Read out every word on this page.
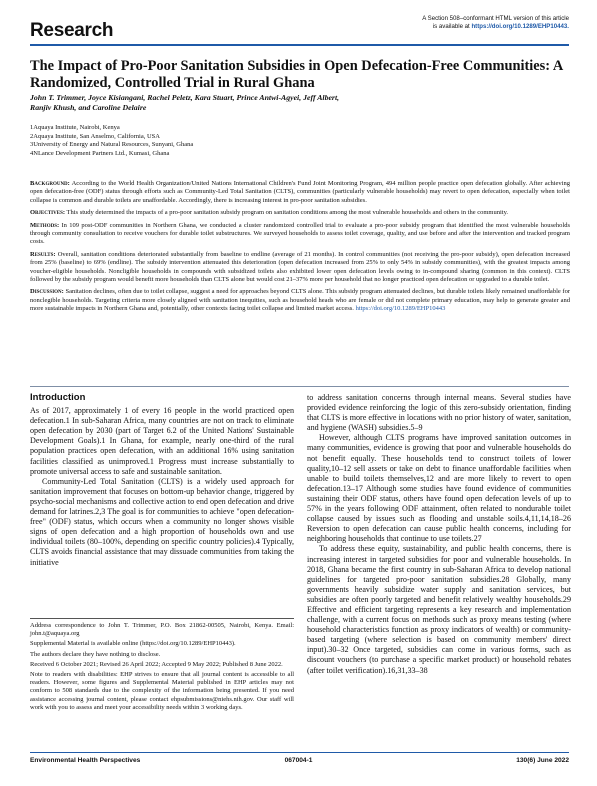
Research
A Section 508–conformant HTML version of this article
is available at https://doi.org/10.1289/EHP10443.
The Impact of Pro-Poor Sanitation Subsidies in Open Defecation-Free Communities: A Randomized, Controlled Trial in Rural Ghana
John T. Trimmer, Joyce Kisiangani, Rachel Peletz, Kara Stuart, Prince Antwi-Agyei, Jeff Albert,
Ranjiv Khush, and Caroline Delaire
1Aquaya Institute, Nairobi, Kenya
2Aquaya Institute, San Anselmo, California, USA
3University of Energy and Natural Resources, Sunyani, Ghana
4NLance Development Partners Ltd., Kumasi, Ghana

Background: According to the World Health Organization/United Nations International Children's Fund Joint Monitoring Program, 494 million people practice open defecation globally. After achieving open defecation-free (ODF) status through efforts such as Community-Led Total Sanitation (CLTS), communities (particularly vulnerable households) may revert to open defecation, especially when toilet collapse is common and durable toilets are unaffordable. Accordingly, there is increasing interest in pro-poor sanitation subsidies.

Objectives: This study determined the impacts of a pro-poor sanitation subsidy program on sanitation conditions among the most vulnerable households and others in the community.

Methods: In 109 post-ODF communities in Northern Ghana, we conducted a cluster randomized controlled trial to evaluate a pro-poor subsidy program that identified the most vulnerable households through community consultation to receive vouchers for durable toilet substructures. We surveyed households to assess toilet coverage, quality, and use before and after the intervention and tracked program costs.

Results: Overall, sanitation conditions deteriorated substantially from baseline to endline (average of 21 months). In control communities (not receiving the pro-poor subsidy), open defecation increased from 25% (baseline) to 69% (endline). The subsidy intervention attenuated this deterioration (open defecation increased from 25% to only 54% in subsidy communities), with the greatest impacts among voucher-eligible households. Noncligible households in compounds with subsidized toilets also exhibited lower open defecation levels owing to in-compound sharing (common in this context). CLTS followed by the subsidy program would benefit more households than CLTS alone but would cost 21–37% more per household that no longer practiced open defecation or upgraded to a durable toilet.

Discussion: Sanitation declines, often due to toilet collapse, suggest a need for approaches beyond CLTS alone. This subsidy program attenuated declines, but durable toilets likely remained unaffordable for nonclegible households. Targeting criteria more closely aligned with sanitation inequities, such as household heads who are female or did not complete primary education, may help to generate greater and more sustainable impacts in Northern Ghana and, potentially, other contexts facing toilet collapse and limited market access. https://doi.org/10.1289/EHP10443

Introduction

As of 2017, approximately 1 of every 16 people in the world practiced open defecation.1 In sub-Saharan Africa, many countries are not on track to eliminate open defecation by 2030 (part of Target 6.2 of the United Nations' Sustainable Development Goals).1 In Ghana, for example, nearly one-third of the rural population practices open defecation, with an additional 16% using sanitation facilities classified as unimproved.1 Progress must increase substantially to promote universal access to safe and sustainable sanitation.

Community-Led Total Sanitation (CLTS) is a widely used approach for sanitation improvement that focuses on bottom-up behavior change, triggered by psycho-social mechanisms and collective action to end open defecation and drive demand for latrines.2,3 The goal is for communities to achieve "open defecation-free" (ODF) status, which occurs when a community no longer shows visible signs of open defecation and a high proportion of households own and use individual toilets (80–100%, depending on specific country policies).4 Typically, CLTS avoids financial assistance that may dissuade communities from taking the initiative

Address correspondence to John T. Trimmer, P.O. Box 21862-00505, Nairobi, Kenya. Email: john.t@aquaya.org

Supplemental Material is available online (https://doi.org/10.1289/EHP10443).

The authors declare they have nothing to disclose.

Received 6 October 2021; Revised 26 April 2022; Accepted 9 May 2022; Published 8 June 2022.

Note to readers with disabilities: EHP strives to ensure that all journal content is accessible to all readers. However, some figures and Supplemental Material published in EHP articles may not conform to 508 standards due to the complexity of the information being presented. If you need assistance accessing journal content, please contact ehpsubmissions@niehs.nih.gov. Our staff will work with you to assess and meet your accessibility needs within 3 working days.

to address sanitation concerns through internal means. Several studies have provided evidence reinforcing the logic of this zero-subsidy orientation, finding that CLTS is more effective in locations with no prior history of water, sanitation, and hygiene (WASH) subsidies.5–9

However, although CLTS programs have improved sanitation outcomes in many communities, evidence is growing that poor and vulnerable households do not benefit equally. These households tend to construct toilets of lower quality,10–12 sell assets or take on debt to finance unaffordable facilities when unable to build toilets themselves,12 and are more likely to revert to open defecation.13–17 Although some studies have found evidence of communities sustaining their ODF status, others have found open defecation levels of up to 57% in the years following ODF attainment, often related to nondurable toilet collapse caused by issues such as flooding and unstable soils.4,11,14,18–26 Reversion to open defecation can cause public health concerns, including for neighboring households that continue to use toilets.27

To address these equity, sustainability, and public health concerns, there is increasing interest in targeted subsidies for poor and vulnerable households. In 2018, Ghana became the first country in sub-Saharan Africa to develop national guidelines for targeted pro-poor sanitation subsidies.28 Globally, many governments heavily subsidize water supply and sanitation services, but subsidies are often poorly targeted and benefit relatively wealthy households.29 Effective and efficient targeting represents a key research and implementation challenge, with a current focus on methods such as proxy means testing (where household characteristics function as proxy indicators of wealth) or community-based targeting (where selection is based on community members' direct input).30–32 Once targeted, subsidies can come in various forms, such as discount vouchers (to purchase a specific market product) or household rebates (after toilet verification).16,31,33–38

Environmental Health Perspectives	067004-1	130(6) June 2022
